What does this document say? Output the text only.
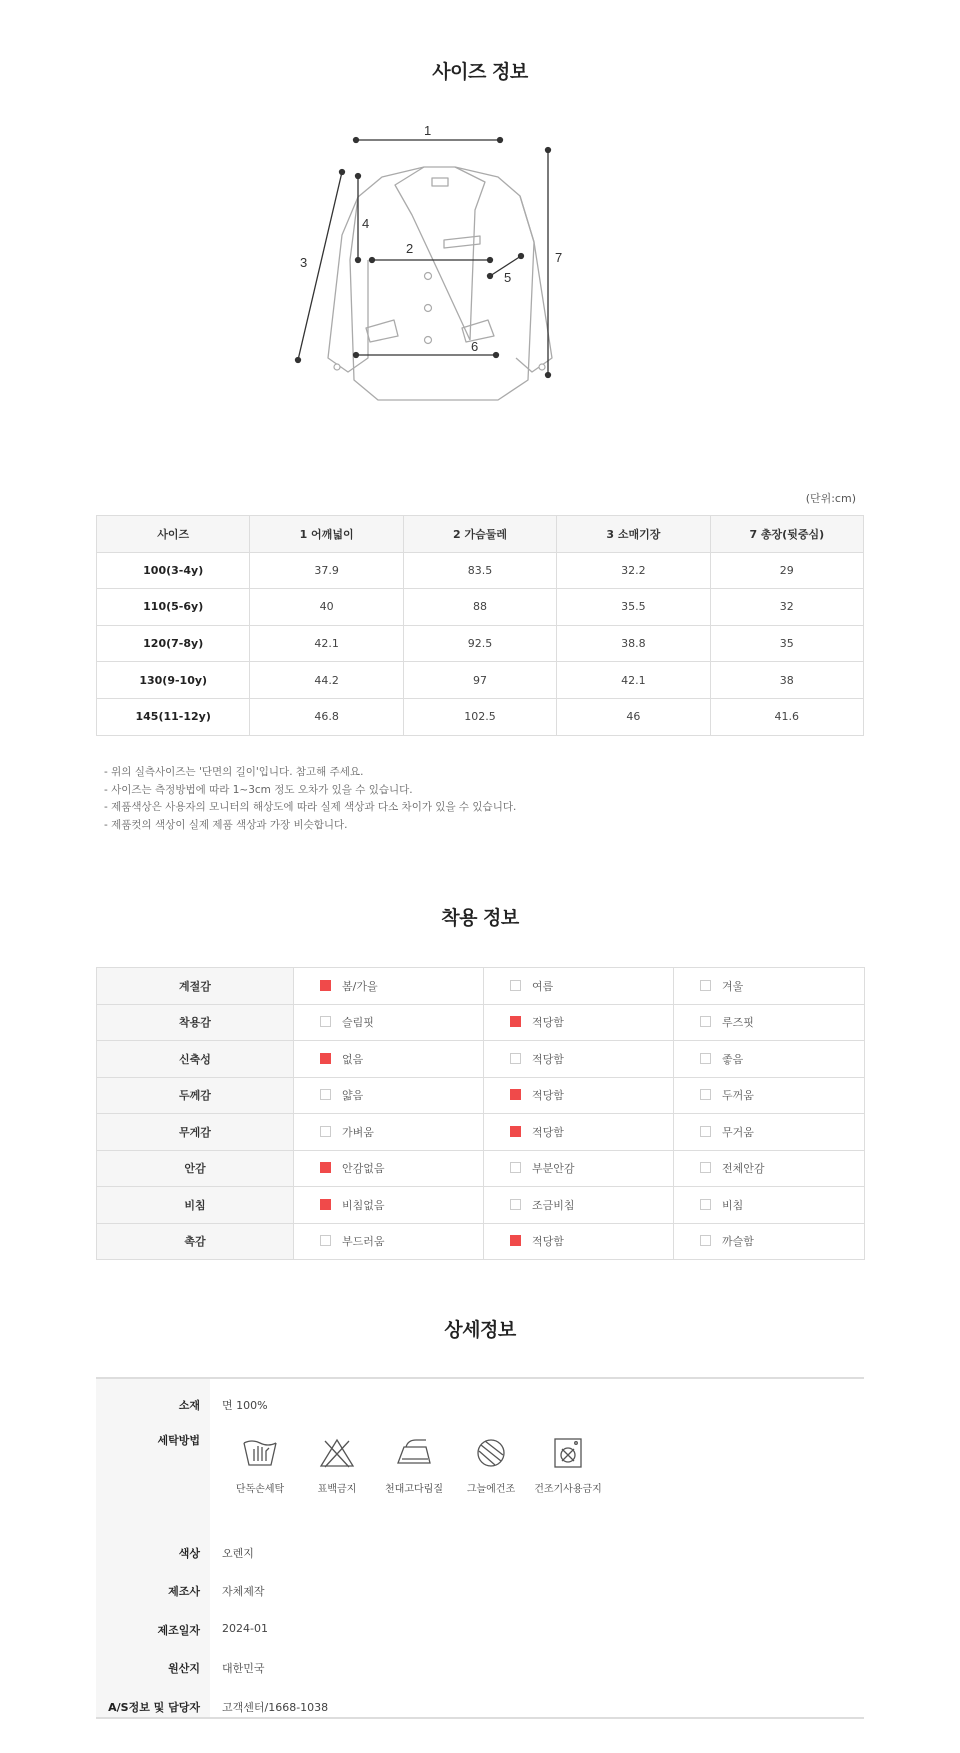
사이즈 정보
1
2
3
4
5
6
7
(단위:cm)
사이즈	1 어깨넓이	2 가슴둘레	3 소매기장	7 총장(뒷중심)
100(3-4y)	37.9	83.5	32.2	29
110(5-6y)	40	88	35.5	32
120(7-8y)	42.1	92.5	38.8	35
130(9-10y)	44.2	97	42.1	38
145(11-12y)	46.8	102.5	46	41.6
- 위의 실측사이즈는 '단면의 길이'입니다. 참고해 주세요.
- 사이즈는 측정방법에 따라 1~3cm 정도 오차가 있을 수 있습니다.
- 제품색상은 사용자의 모니터의 해상도에 따라 실제 색상과 다소 차이가 있을 수 있습니다.
- 제품컷의 색상이 실제 제품 색상과 가장 비슷합니다.
착용 정보
계절감	봄/가을	여름	겨울
착용감	슬림핏	적당함	루즈핏
신축성	없음	적당함	좋음
두께감	얇음	적당함	두꺼움
무게감	가벼움	적당함	무거움
안감	안감없음	부분안감	전체안감
비침	비침없음	조금비침	비침
촉감	부드러움	적당함	까슬함
상세정보
소재 면 100%
세탁방법
단독손세탁	표백금지	천대고다림질	그늘에건조	건조기사용금지
색상 오렌지
제조사 자체제작
제조일자 2024-01
원산지 대한민국
A/S정보 및 담당자 고객센터/1668-1038
